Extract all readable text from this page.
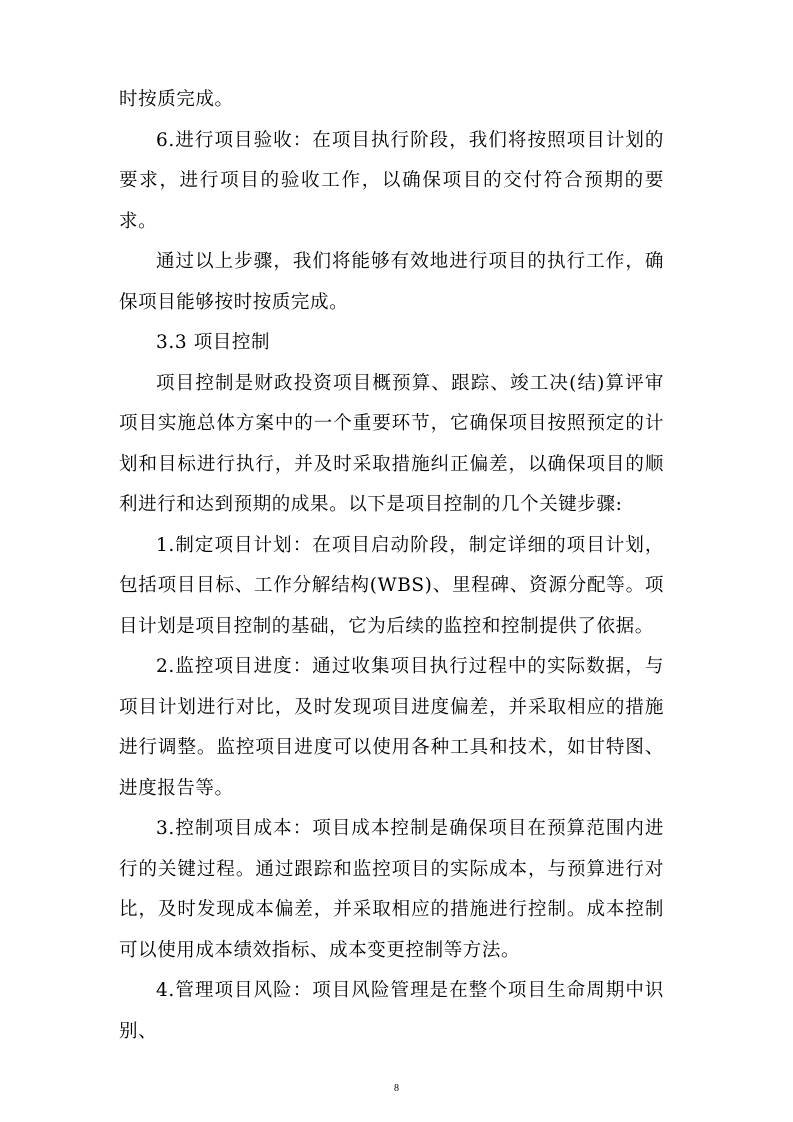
时按质完成。

6.进行项目验收：在项目执行阶段，我们将按照项目计划的要求，进行项目的验收工作，以确保项目的交付符合预期的要求。

通过以上步骤，我们将能够有效地进行项目的执行工作，确保项目能够按时按质完成。

3.3 项目控制

项目控制是财政投资项目概预算、跟踪、竣工决(结)算评审项目实施总体方案中的一个重要环节，它确保项目按照预定的计划和目标进行执行，并及时采取措施纠正偏差，以确保项目的顺利进行和达到预期的成果。以下是项目控制的几个关键步骤:

1.制定项目计划：在项目启动阶段，制定详细的项目计划，包括项目目标、工作分解结构(WBS)、里程碑、资源分配等。项目计划是项目控制的基础，它为后续的监控和控制提供了依据。

2.监控项目进度：通过收集项目执行过程中的实际数据，与项目计划进行对比，及时发现项目进度偏差，并采取相应的措施进行调整。监控项目进度可以使用各种工具和技术，如甘特图、进度报告等。

3.控制项目成本：项目成本控制是确保项目在预算范围内进行的关键过程。通过跟踪和监控项目的实际成本，与预算进行对比，及时发现成本偏差，并采取相应的措施进行控制。成本控制可以使用成本绩效指标、成本变更控制等方法。

4.管理项目风险：项目风险管理是在整个项目生命周期中识别、

8
